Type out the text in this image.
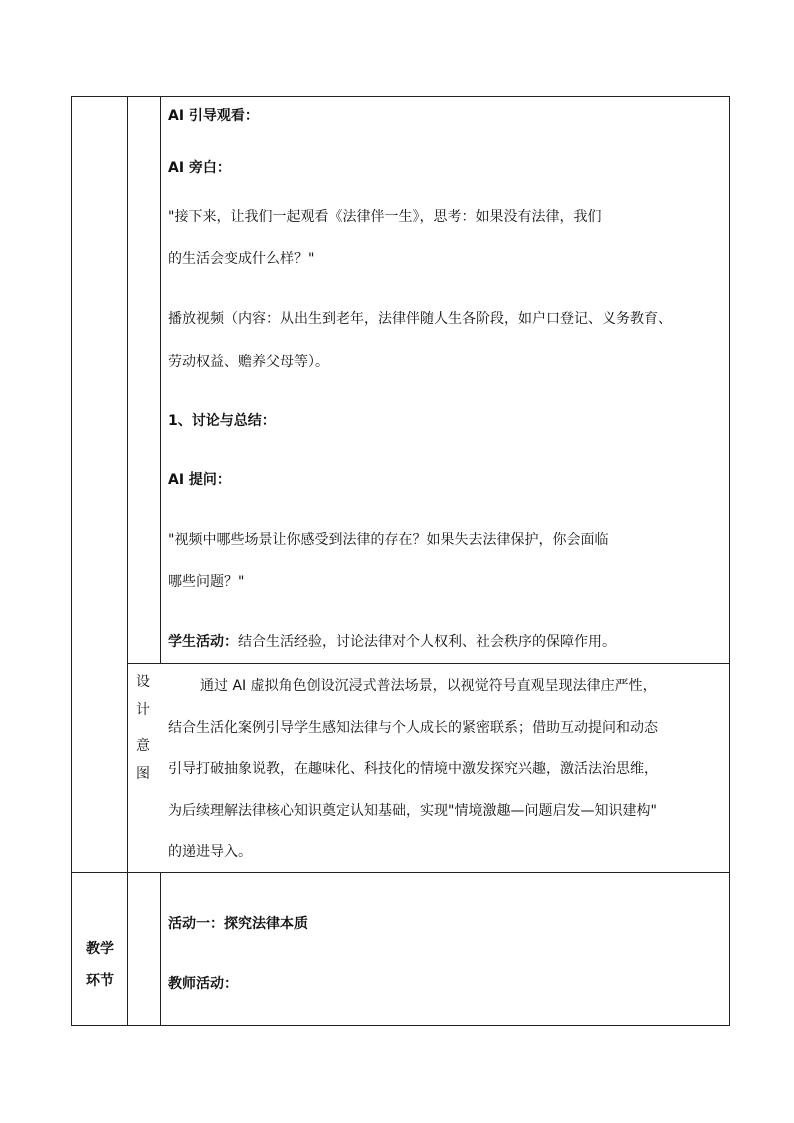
AI 引导观看：
AI 旁白：
"接下来，让我们一起观看《法律伴一生》，思考：如果没有法律，我们
的生活会变成什么样？"
播放视频（内容：从出生到老年，法律伴随人生各阶段，如户口登记、义务教育、
劳动权益、赡养父母等）。
1、讨论与总结：
AI 提问：
"视频中哪些场景让你感受到法律的存在？如果失去法律保护，你会面临
哪些问题？"
学生活动：结合生活经验，讨论法律对个人权利、社会秩序的保障作用。
设
计
意
图
通过 AI 虚拟角色创设沉浸式普法场景，以视觉符号直观呈现法律庄严性，
结合生活化案例引导学生感知法律与个人成长的紧密联系；借助互动提问和动态
引导打破抽象说教，在趣味化、科技化的情境中激发探究兴趣，激活法治思维，
为后续理解法律核心知识奠定认知基础，实现"情境激趣—问题启发—知识建构"
的递进导入。
教学
环节
活动一：探究法律本质
教师活动：
